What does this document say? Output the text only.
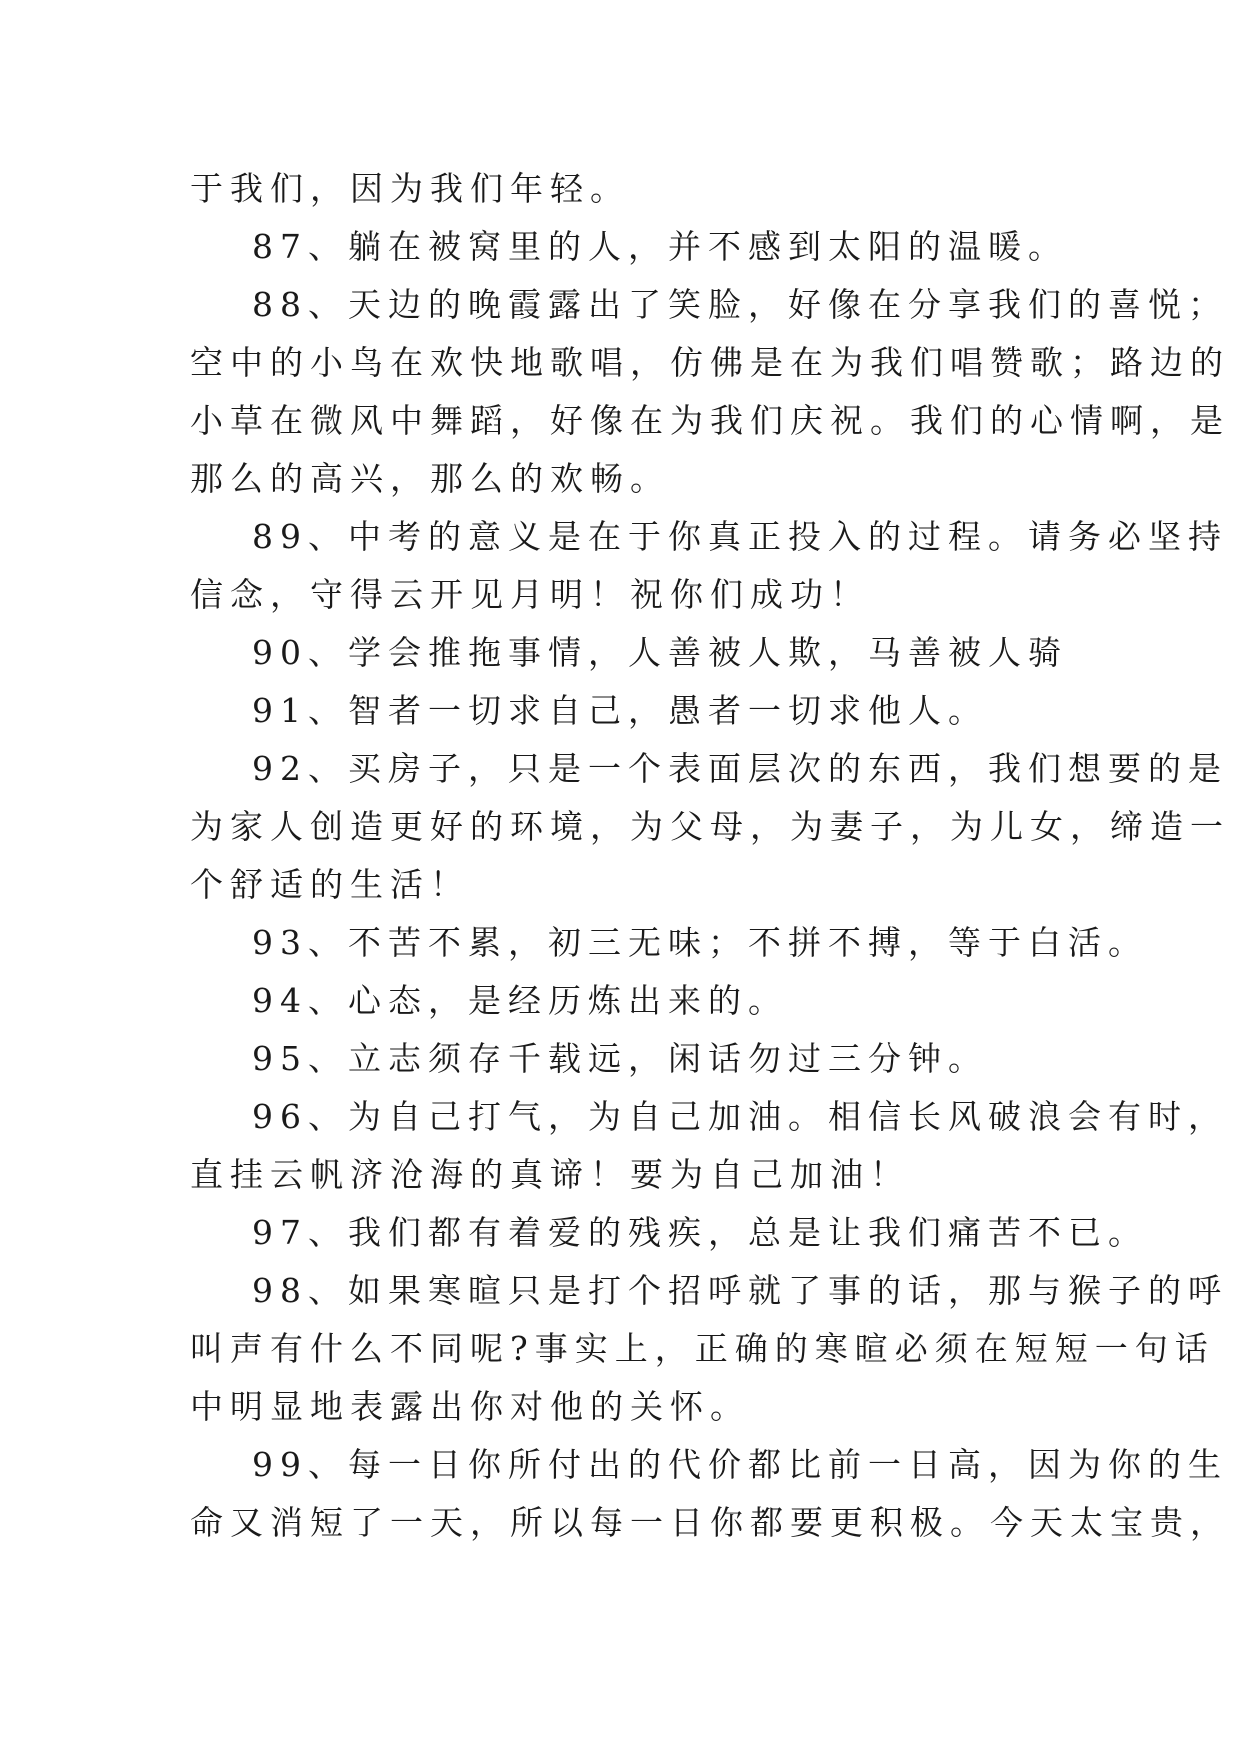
于我们，因为我们年轻。
87、躺在被窝里的人，并不感到太阳的温暖。
88、天边的晚霞露出了笑脸，好像在分享我们的喜悦；
空中的小鸟在欢快地歌唱，仿佛是在为我们唱赞歌；路边的
小草在微风中舞蹈，好像在为我们庆祝。我们的心情啊，是
那么的高兴，那么的欢畅。
89、中考的意义是在于你真正投入的过程。请务必坚持
信念，守得云开见月明！祝你们成功！
90、学会推拖事情，人善被人欺，马善被人骑
91、智者一切求自己，愚者一切求他人。
92、买房子，只是一个表面层次的东西，我们想要的是
为家人创造更好的环境，为父母，为妻子，为儿女，缔造一
个舒适的生活！
93、不苦不累，初三无味；不拼不搏，等于白活。
94、心态，是经历炼出来的。
95、立志须存千载远，闲话勿过三分钟。
96、为自己打气，为自己加油。相信长风破浪会有时，
直挂云帆济沧海的真谛！要为自己加油！
97、我们都有着爱的残疾，总是让我们痛苦不已。
98、如果寒暄只是打个招呼就了事的话，那与猴子的呼
叫声有什么不同呢?事实上，正确的寒暄必须在短短一句话
中明显地表露出你对他的关怀。
99、每一日你所付出的代价都比前一日高，因为你的生
命又消短了一天，所以每一日你都要更积极。今天太宝贵，
